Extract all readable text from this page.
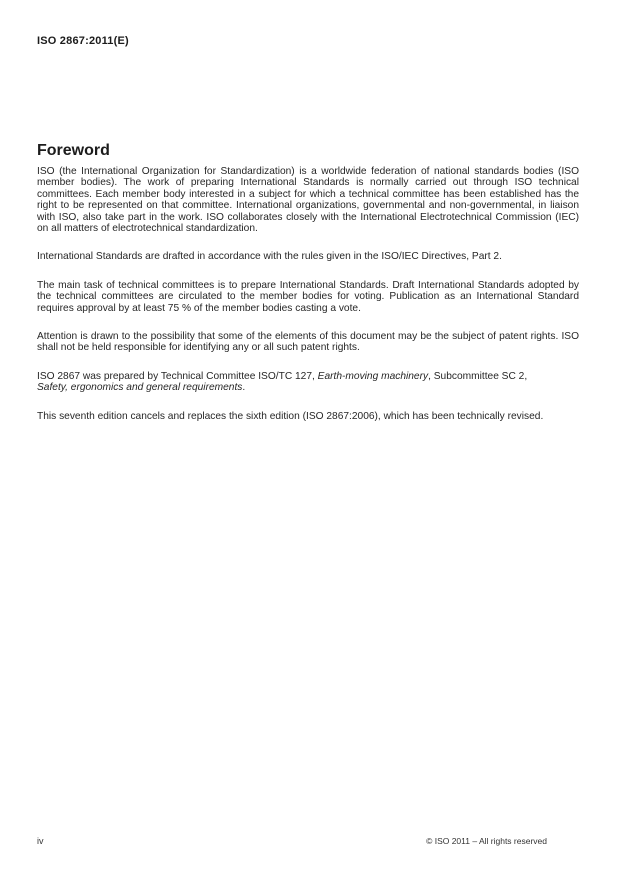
ISO 2867:2011(E)
Foreword

ISO (the International Organization for Standardization) is a worldwide federation of national standards bodies (ISO member bodies). The work of preparing International Standards is normally carried out through ISO technical committees. Each member body interested in a subject for which a technical committee has been established has the right to be represented on that committee. International organizations, governmental and non-governmental, in liaison with ISO, also take part in the work. ISO collaborates closely with the International Electrotechnical Commission (IEC) on all matters of electrotechnical standardization.

International Standards are drafted in accordance with the rules given in the ISO/IEC Directives, Part 2.

The main task of technical committees is to prepare International Standards. Draft International Standards adopted by the technical committees are circulated to the member bodies for voting. Publication as an International Standard requires approval by at least 75 % of the member bodies casting a vote.

Attention is drawn to the possibility that some of the elements of this document may be the subject of patent rights. ISO shall not be held responsible for identifying any or all such patent rights.

ISO 2867 was prepared by Technical Committee ISO/TC 127, Earth-moving machinery, Subcommittee SC 2,
Safety, ergonomics and general requirements.

This seventh edition cancels and replaces the sixth edition (ISO 2867:2006), which has been technically revised.

iv	© ISO 2011 – All rights reserved
